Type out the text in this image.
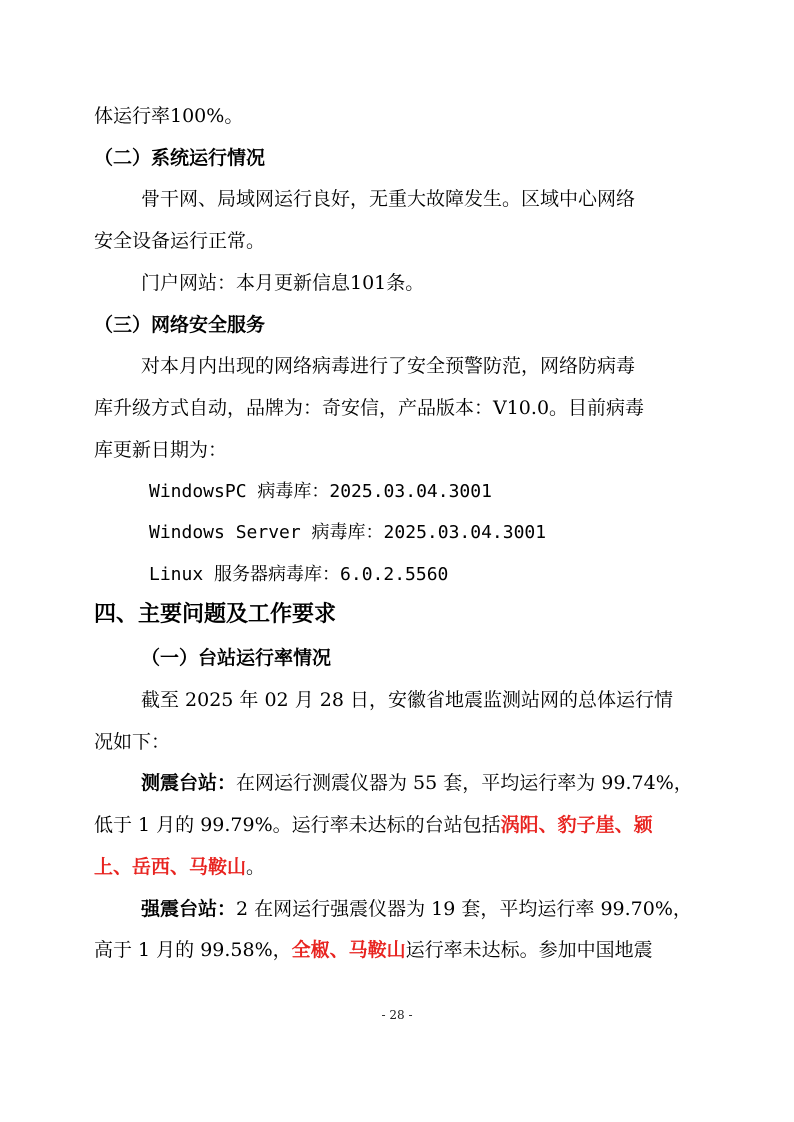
体运行率100%。
（二）系统运行情况
骨干网、局域网运行良好，无重大故障发生。区域中心网络
安全设备运行正常。
门户网站：本月更新信息101条。
（三）网络安全服务
对本月内出现的网络病毒进行了安全预警防范，网络防病毒
库升级方式自动，品牌为：奇安信，产品版本：V10.0。目前病毒
库更新日期为：
WindowsPC 病毒库：2025.03.04.3001
Windows Server 病毒库：2025.03.04.3001
Linux 服务器病毒库：6.0.2.5560
四、主要问题及工作要求
（一）台站运行率情况
截至 2025 年 02 月 28 日，安徽省地震监测站网的总体运行情
况如下：
测震台站：在网运行测震仪器为 55 套，平均运行率为 99.74%，
低于 1 月的 99.79%。运行率未达标的台站包括涡阳、豹子崖、颍
上、岳西、马鞍山。
强震台站：2 在网运行强震仪器为 19 套，平均运行率 99.70%，
高于 1 月的 99.58%，全椒、马鞍山运行率未达标。参加中国地震
- 28 -
